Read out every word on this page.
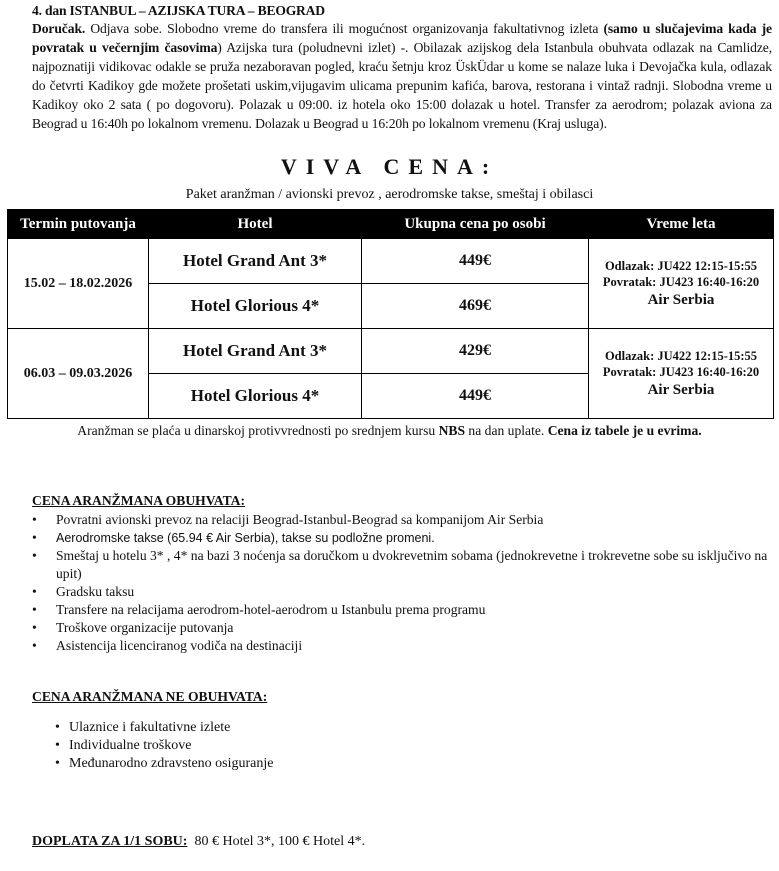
4. dan ISTANBUL – AZIJSKA TURA – BEOGRAD
Doručak. Odjava sobe. Slobodno vreme do transfera ili mogućnost organizovanja fakultativnog izleta (samo u slučajevima kada je povratak u večernjim časovima) Azijska tura (poludnevni izlet) -. Obilazak azijskog dela Istanbula obuhvata odlazak na Camlidze, najpoznatiji vidikovac odakle se pruža nezaboravan pogled, kraću šetnju kroz ÜskÜdar u kome se nalaze luka i Devojačka kula, odlazak do četvrti Kadikoy gde možete prošetati uskim,vijugavim ulicama prepunim kafića, barova, restorana i vintaž radnji. Slobodna vreme u Kadikoy oko 2 sata ( po dogovoru). Polazak u 09:00. iz hotela oko 15:00 dolazak u hotel. Transfer za aerodrom; polazak aviona za Beograd u 16:40h po lokalnom vremenu. Dolazak u Beograd u 16:20h po lokalnom vremenu (Kraj usluga).
VIVA CENA:
Paket aranžman / avionski prevoz , aerodromske takse, smeštaj i obilasci
Termin putovanja	Hotel	Ukupna cena po osobi	Vreme leta
15.02 – 18.02.2026	Hotel Grand Ant 3*	449€	Odlazak: JU422 12:15-15:55
Povratak: JU423 16:40-16:20
Air Serbia

	Hotel Glorious 4*	469€	
06.03 – 09.03.2026	Hotel Grand Ant 3*	429€	Odlazak: JU422 12:15-15:55
Povratak: JU423 16:40-16:20
Air Serbia

	Hotel Glorious 4*	449€	
Aranžman se plaća u dinarskoj protivvrednosti po srednjem kursu NBS na dan uplate. Cena iz tabele je u evrima.
CENA ARANŽMANA OBUHVATA:
• Povratni avionski prevoz na relaciji Beograd-Istanbul-Beograd sa kompanijom Air Serbia
• Aerodromske takse (65.94 € Air Serbia), takse su podložne promeni.
• Smeštaj u hotelu 3* , 4* na bazi 3 noćenja sa doručkom u dvokrevetnim sobama (jednokrevetne i trokrevetne sobe su isključivo na upit)
• Gradsku taksu
• Transfere na relacijama aerodrom-hotel-aerodrom u Istanbulu prema programu
• Troškove organizacije putovanja
• Asistencija licenciranog vodiča na destinaciji
CENA ARANŽMANA NE OBUHVATA:
• Ulaznice i fakultativne izlete
• Individualne troškove
• Međunarodno zdravsteno osiguranje
DOPLATA ZA 1/1 SOBU:  80 € Hotel 3*, 100 € Hotel 4*.
